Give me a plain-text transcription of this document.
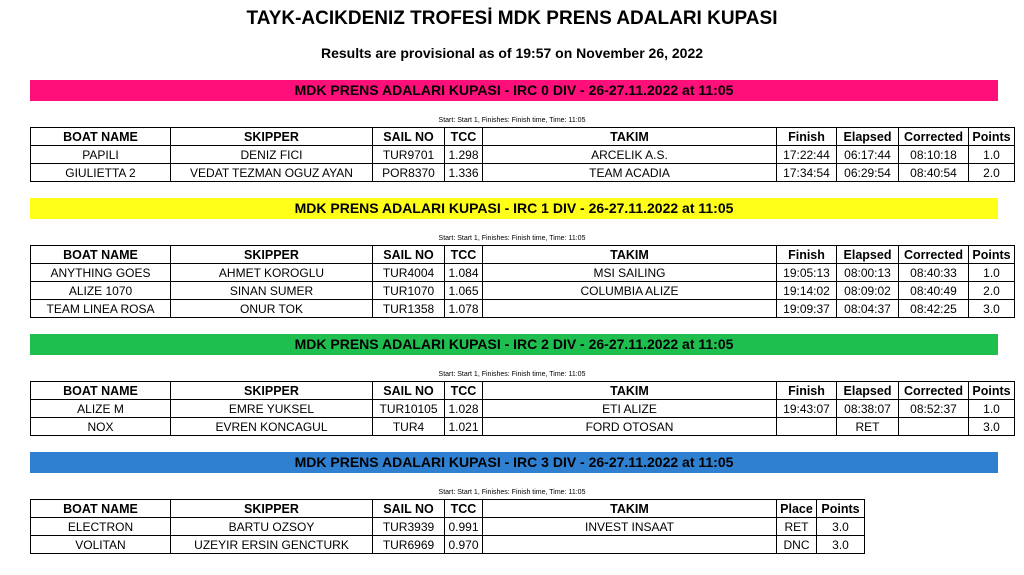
TAYK-ACIKDENIZ TROFESİ MDK PRENS ADALARI KUPASI
Results are provisional as of 19:57 on November 26, 2022
MDK PRENS ADALARI KUPASI - IRC 0 DIV - 26-27.11.2022 at 11:05
Start: Start 1, Finishes: Finish time, Time: 11:05
BOAT NAME	SKIPPER	SAIL NO	TCC	TAKIM	Finish	Elapsed	Corrected	Points
PAPILI	DENIZ FICI	TUR9701	1.298	ARCELIK A.S.	17:22:44	06:17:44	08:10:18	1.0
GIULIETTA 2	VEDAT TEZMAN OGUZ AYAN	POR8370	1.336	TEAM ACADIA	17:34:54	06:29:54	08:40:54	2.0
MDK PRENS ADALARI KUPASI - IRC 1 DIV - 26-27.11.2022 at 11:05
Start: Start 1, Finishes: Finish time, Time: 11:05
BOAT NAME	SKIPPER	SAIL NO	TCC	TAKIM	Finish	Elapsed	Corrected	Points
ANYTHING GOES	AHMET KOROGLU	TUR4004	1.084	MSI SAILING	19:05:13	08:00:13	08:40:33	1.0
ALIZE 1070	SINAN SUMER	TUR1070	1.065	COLUMBIA ALIZE	19:14:02	08:09:02	08:40:49	2.0
TEAM LINEA ROSA	ONUR TOK	TUR1358	1.078		19:09:37	08:04:37	08:42:25	3.0
MDK PRENS ADALARI KUPASI - IRC 2 DIV - 26-27.11.2022 at 11:05
Start: Start 1, Finishes: Finish time, Time: 11:05
BOAT NAME	SKIPPER	SAIL NO	TCC	TAKIM	Finish	Elapsed	Corrected	Points
ALIZE M	EMRE YUKSEL	TUR10105	1.028	ETI ALIZE	19:43:07	08:38:07	08:52:37	1.0
NOX	EVREN KONCAGUL	TUR4	1.021	FORD OTOSAN		RET		3.0
MDK PRENS ADALARI KUPASI - IRC 3 DIV - 26-27.11.2022 at 11:05
Start: Start 1, Finishes: Finish time, Time: 11:05
BOAT NAME	SKIPPER	SAIL NO	TCC	TAKIM	Place	Points
ELECTRON	BARTU OZSOY	TUR3939	0.991	INVEST INSAAT	RET	3.0
VOLITAN	UZEYIR ERSIN GENCTURK	TUR6969	0.970		DNC	3.0
